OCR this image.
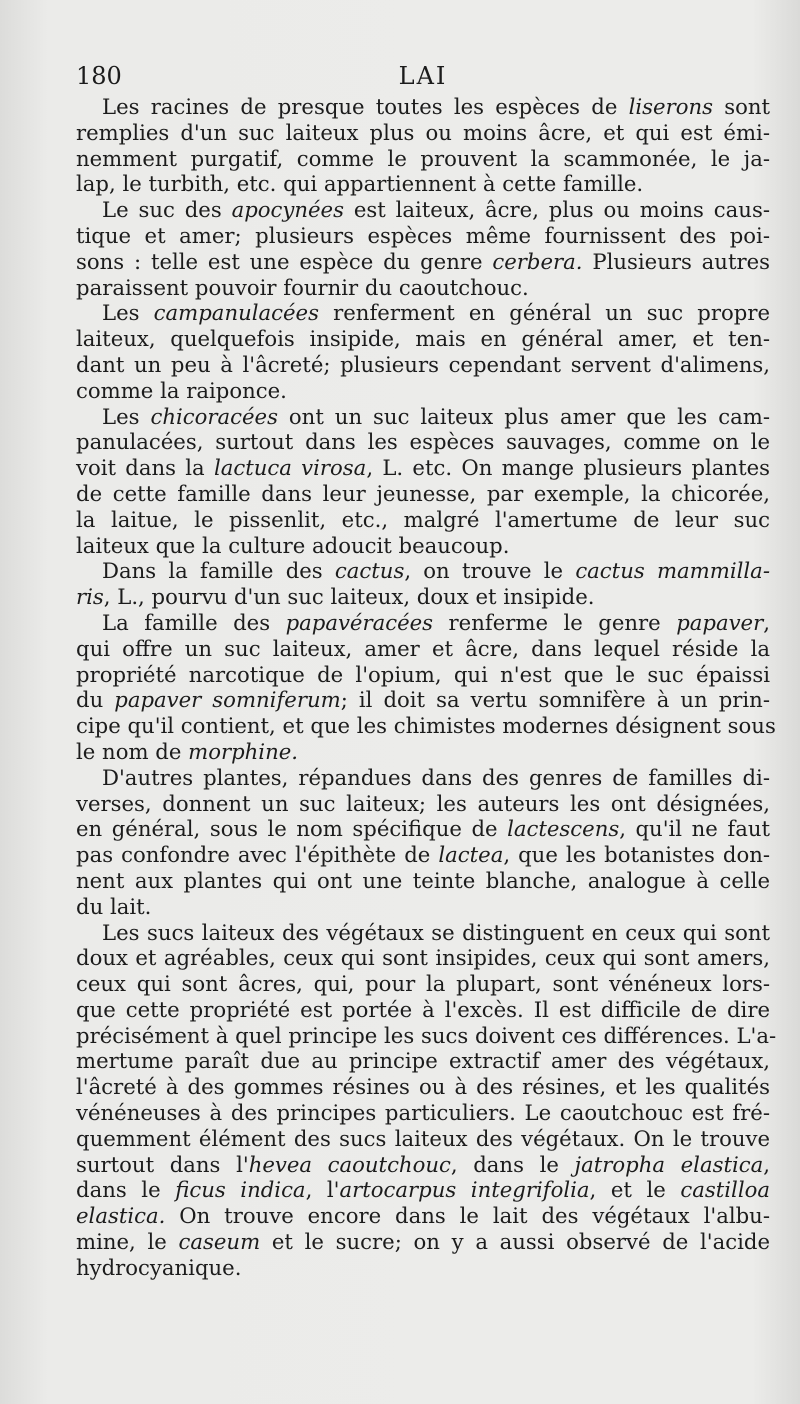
180	LAI
Les racines de presque toutes les espèces de liserons sont
remplies d'un suc laiteux plus ou moins âcre, et qui est émi-
nemment purgatif, comme le prouvent la scammonée, le ja-
lap, le turbith, etc. qui appartiennent à cette famille.
Le suc des apocynées est laiteux, âcre, plus ou moins caus-
tique et amer; plusieurs espèces même fournissent des poi-
sons : telle est une espèce du genre cerbera. Plusieurs autres
paraissent pouvoir fournir du caoutchouc.
Les campanulacées renferment en général un suc propre
laiteux, quelquefois insipide, mais en général amer, et ten-
dant un peu à l'âcreté; plusieurs cependant servent d'alimens,
comme la raiponce.
Les chicoracées ont un suc laiteux plus amer que les cam-
panulacées, surtout dans les espèces sauvages, comme on le
voit dans la lactuca virosa, L. etc. On mange plusieurs plantes
de cette famille dans leur jeunesse, par exemple, la chicorée,
la laitue, le pissenlit, etc., malgré l'amertume de leur suc
laiteux que la culture adoucit beaucoup.
Dans la famille des cactus, on trouve le cactus mammilla-
ris, L., pourvu d'un suc laiteux, doux et insipide.
La famille des papavéracées renferme le genre papaver,
qui offre un suc laiteux, amer et âcre, dans lequel réside la
propriété narcotique de l'opium, qui n'est que le suc épaissi
du papaver somniferum; il doit sa vertu somnifère à un prin-
cipe qu'il contient, et que les chimistes modernes désignent sous
le nom de morphine.
D'autres plantes, répandues dans des genres de familles di-
verses, donnent un suc laiteux; les auteurs les ont désignées,
en général, sous le nom spécifique de lactescens, qu'il ne faut
pas confondre avec l'épithète de lactea, que les botanistes don-
nent aux plantes qui ont une teinte blanche, analogue à celle
du lait.
Les sucs laiteux des végétaux se distinguent en ceux qui sont
doux et agréables, ceux qui sont insipides, ceux qui sont amers,
ceux qui sont âcres, qui, pour la plupart, sont vénéneux lors-
que cette propriété est portée à l'excès. Il est difficile de dire
précisément à quel principe les sucs doivent ces différences. L'a-
mertume paraît due au principe extractif amer des végétaux,
l'âcreté à des gommes résines ou à des résines, et les qualités
vénéneuses à des principes particuliers. Le caoutchouc est fré-
quemment élément des sucs laiteux des végétaux. On le trouve
surtout dans l'hevea caoutchouc, dans le jatropha elastica,
dans le ficus indica, l'artocarpus integrifolia, et le castilloa
elastica. On trouve encore dans le lait des végétaux l'albu-
mine, le caseum et le sucre; on y a aussi observé de l'acide
hydrocyanique.
